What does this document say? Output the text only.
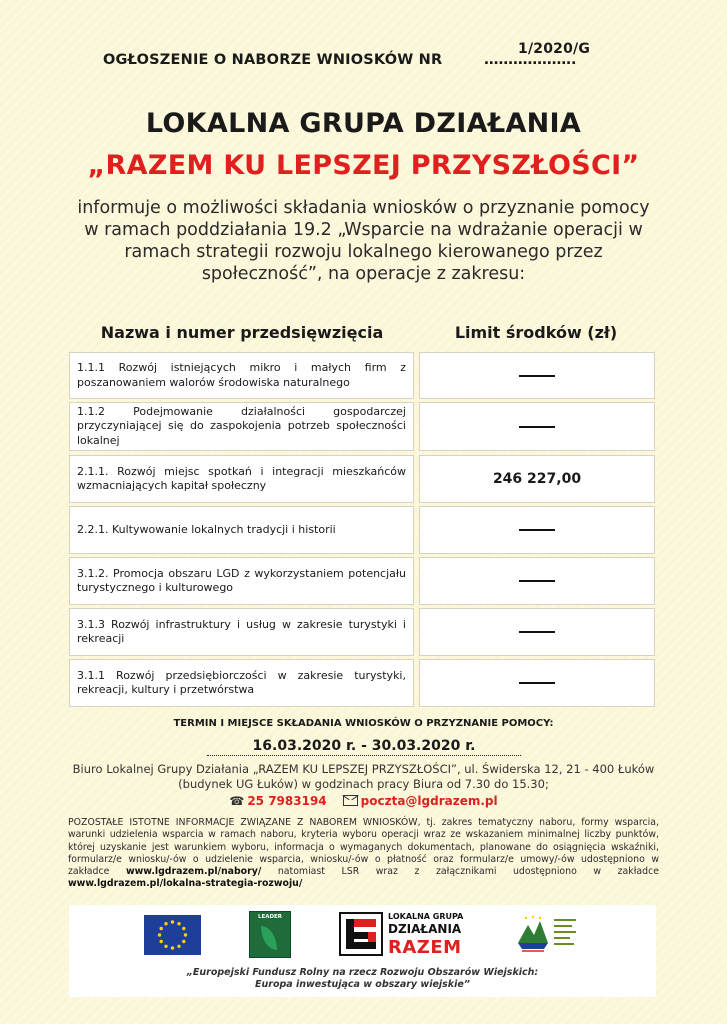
OGŁOSZENIE O NABORZE WNIOSKÓW NR	……………….
1/2020/G
LOKALNA GRUPA DZIAŁANIA
„RAZEM KU LEPSZEJ PRZYSZŁOŚCI”
informuje o możliwości składania wniosków o przyznanie pomocy w ramach poddziałania 19.2 „Wsparcie na wdrażanie operacji w ramach strategii rozwoju lokalnego kierowanego przez społeczność”, na operacje z zakresu:
Nazwa i numer przedsięwzięcia	Limit środków (zł)
1.1.1 Rozwój istniejących mikro i małych firm z poszanowaniem walorów środowiska naturalnego
1.1.2 Podejmowanie działalności gospodarczej przyczyniającej się do zaspokojenia potrzeb społeczności lokalnej
2.1.1. Rozwój miejsc spotkań i integracji mieszkańców wzmacniających kapitał społeczny	246 227,00
2.2.1. Kultywowanie lokalnych tradycji i historii
3.1.2. Promocja obszaru LGD z wykorzystaniem potencjału turystycznego i kulturowego
3.1.3 Rozwój infrastruktury i usług w zakresie turystyki i rekreacji
3.1.1 Rozwój przedsiębiorczości w zakresie turystyki, rekreacji, kultury i przetwórstwa
TERMIN I MIEJSCE SKŁADANIA WNIOSKÓW O PRZYZNANIE POMOCY:
16.03.2020 r. - 30.03.2020 r.
Biuro Lokalnej Grupy Działania „RAZEM KU LEPSZEJ PRZYSZŁOŚCI”, ul. Świderska 12, 21 - 400 Łuków (budynek UG Łuków) w godzinach pracy Biura od 7.30 do 15.30;
☎ 25 7983194	poczta@lgdrazem.pl
POZOSTAŁE ISTOTNE INFORMACJE ZWIĄZANE Z NABOREM WNIOSKÓW, tj. zakres tematyczny naboru, formy wsparcia, warunki udzielenia wsparcia w ramach naboru, kryteria wyboru operacji wraz ze wskazaniem minimalnej liczby punktów, której uzyskanie jest warunkiem wyboru, informacja o wymaganych dokumentach, planowane do osiągnięcia wskaźniki, formularz/e wniosku/-ów o udzielenie wsparcia, wniosku/-ów o płatność oraz formularz/e umowy/-ów udostępniono w zakładce www.lgdrazem.pl/nabory/ natomiast LSR wraz z załącznikami udostępniono w zakładce www.lgdrazem.pl/lokalna-strategia-rozwoju/
LEADER	LOKALNA GRUPA
DZIAŁANIA
RAZEM
„Europejski Fundusz Rolny na rzecz Rozwoju Obszarów Wiejskich:
Europa inwestująca w obszary wiejskie”
